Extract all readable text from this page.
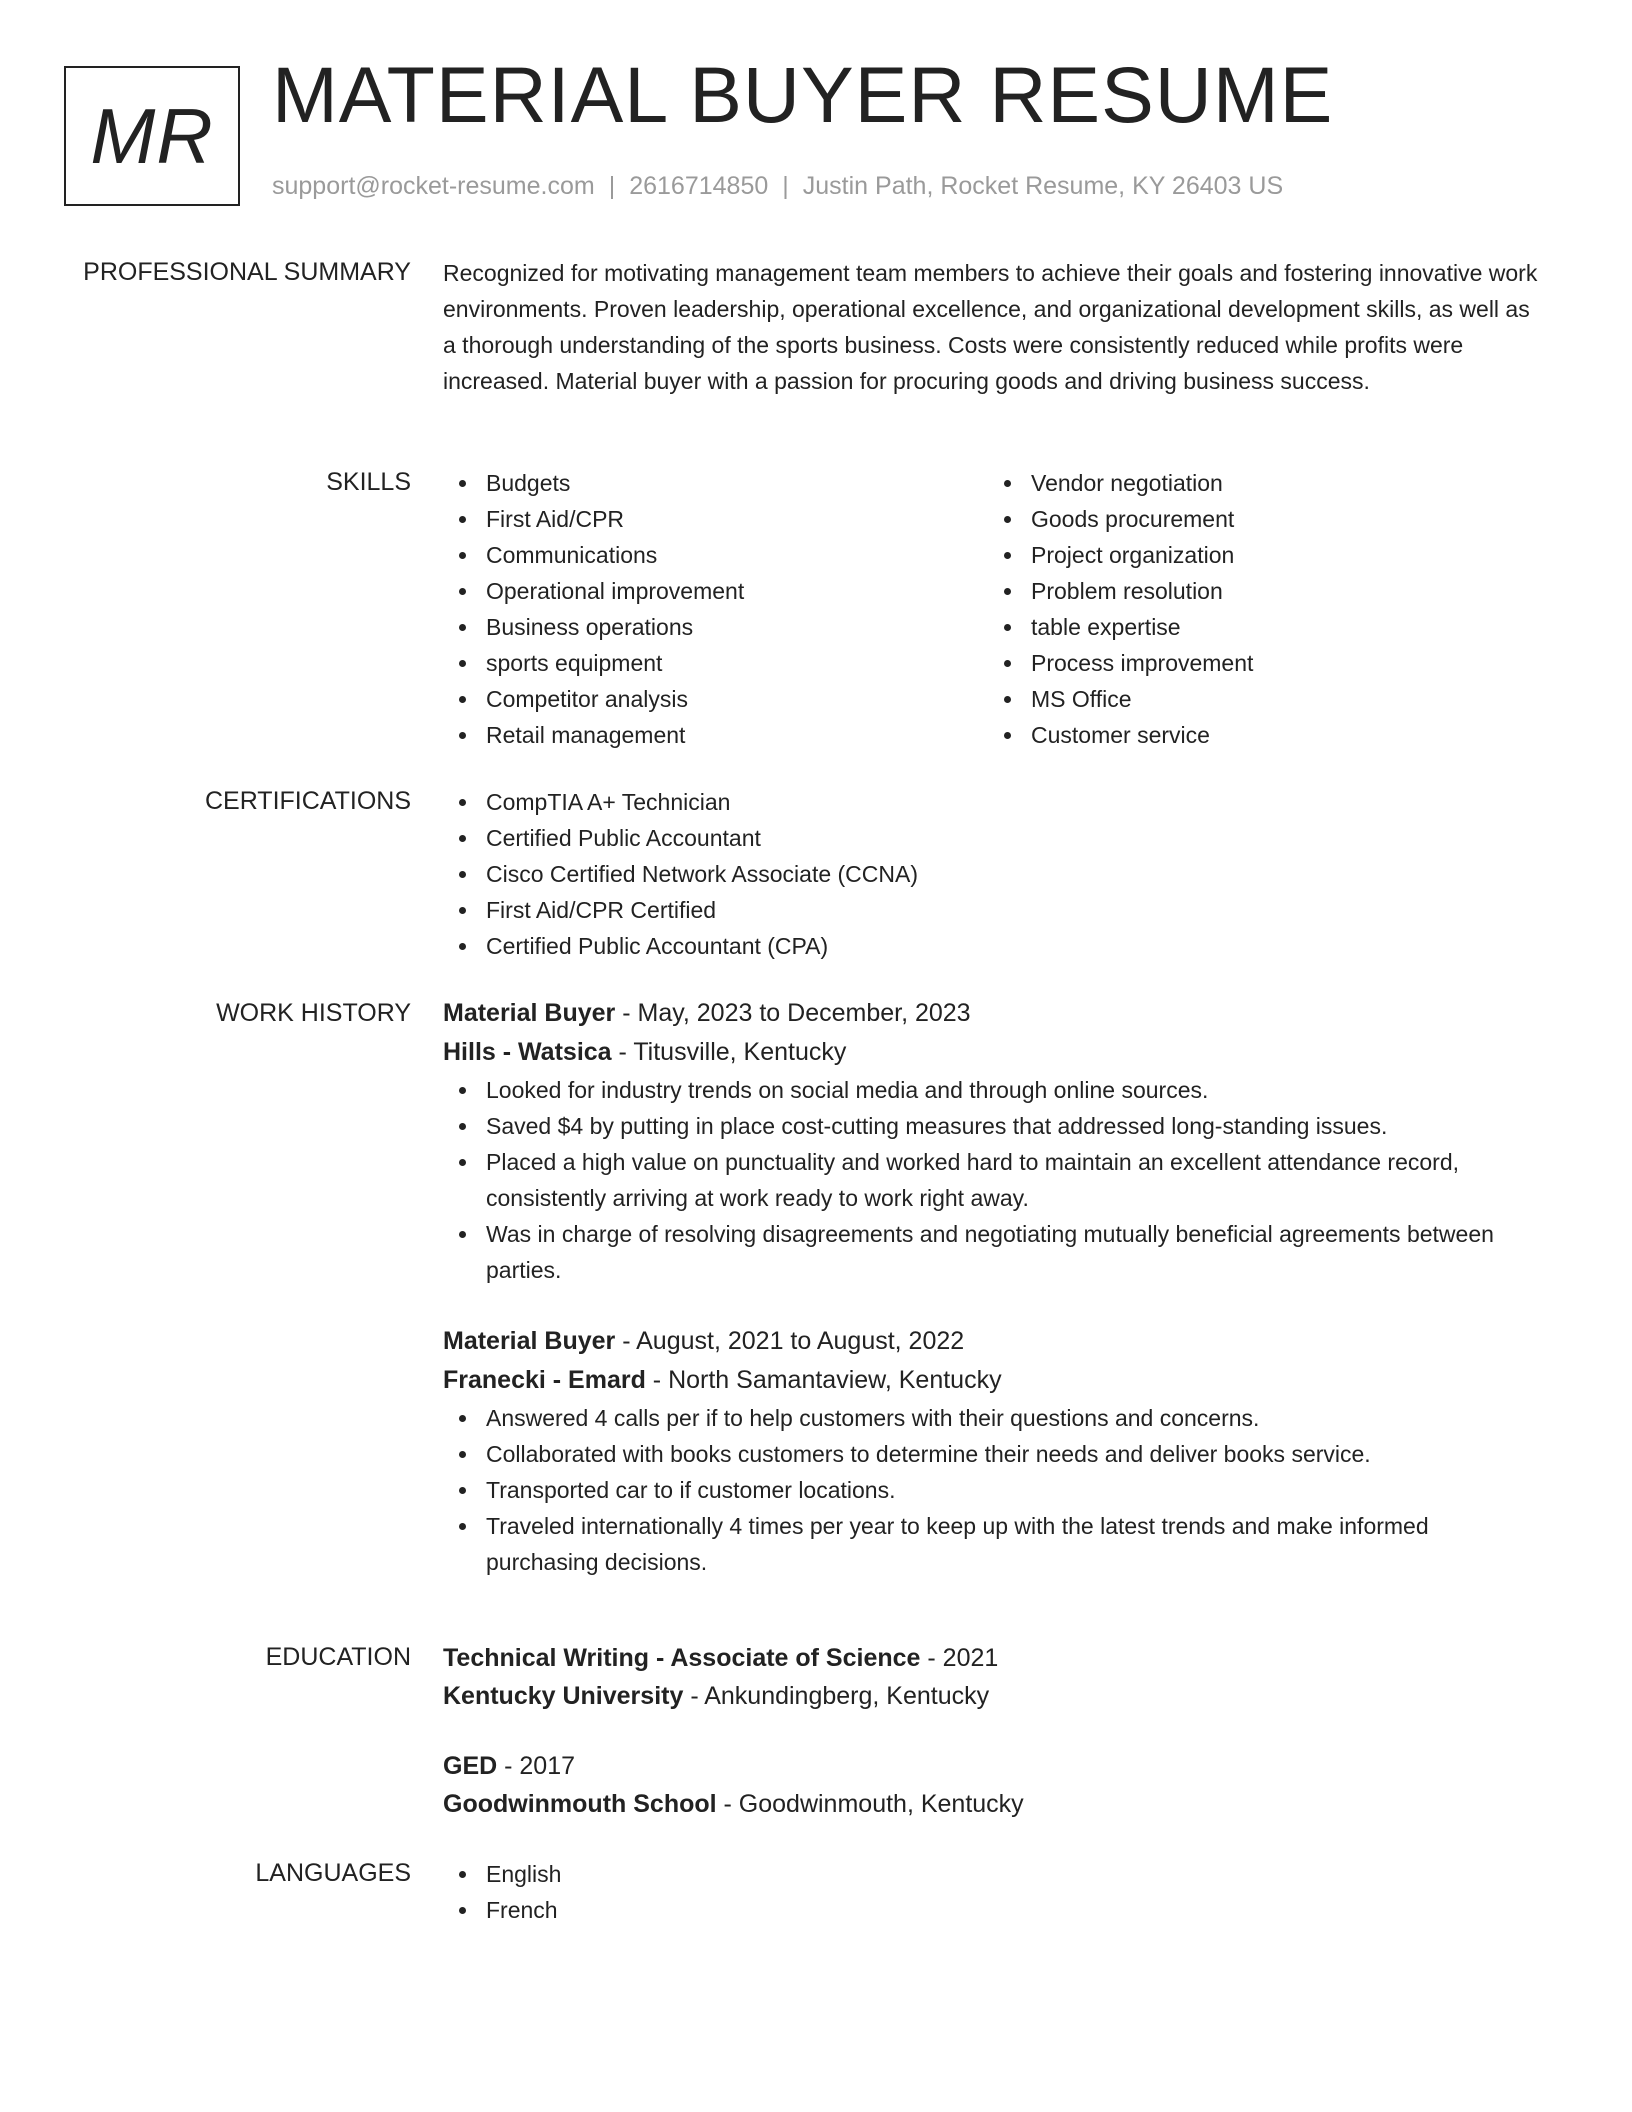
MR MATERIAL BUYER RESUME
support@rocket-resume.com | 2616714850 | Justin Path, Rocket Resume, KY 26403 US
PROFESSIONAL SUMMARY Recognized for motivating management team members to achieve their goals and fostering innovative work environments. Proven leadership, operational excellence, and organizational development skills, as well as a thorough understanding of the sports business. Costs were consistently reduced while profits were increased. Material buyer with a passion for procuring goods and driving business success.

SKILLS	Budgets
First Aid/CPR
Communications
Operational improvement
Business operations
sports equipment
Competitor analysis
Retail management
Vendor negotiation
Goods procurement
Project organization
Problem resolution
table expertise
Process improvement
MS Office
Customer service
CERTIFICATIONS	CompTIA A+ Technician
Certified Public Accountant
Cisco Certified Network Associate (CCNA)
First Aid/CPR Certified
Certified Public Accountant (CPA)
WORK HISTORY Material Buyer - May, 2023 to December, 2023
Hills - Watsica - Titusville, Kentucky
Looked for industry trends on social media and through online sources.
Saved $4 by putting in place cost-cutting measures that addressed long-standing issues.
Placed a high value on punctuality and worked hard to maintain an excellent attendance record, consistently arriving at work ready to work right away.
Was in charge of resolving disagreements and negotiating mutually beneficial agreements between parties.
Material Buyer - August, 2021 to August, 2022
Franecki - Emard - North Samantaview, Kentucky
Answered 4 calls per if to help customers with their questions and concerns.
Collaborated with books customers to determine their needs and deliver books service.
Transported car to if customer locations.
Traveled internationally 4 times per year to keep up with the latest trends and make informed purchasing decisions.
EDUCATION Technical Writing - Associate of Science - 2021
Kentucky University - Ankundingberg, Kentucky
GED - 2017
Goodwinmouth School - Goodwinmouth, Kentucky
LANGUAGES	English
French
